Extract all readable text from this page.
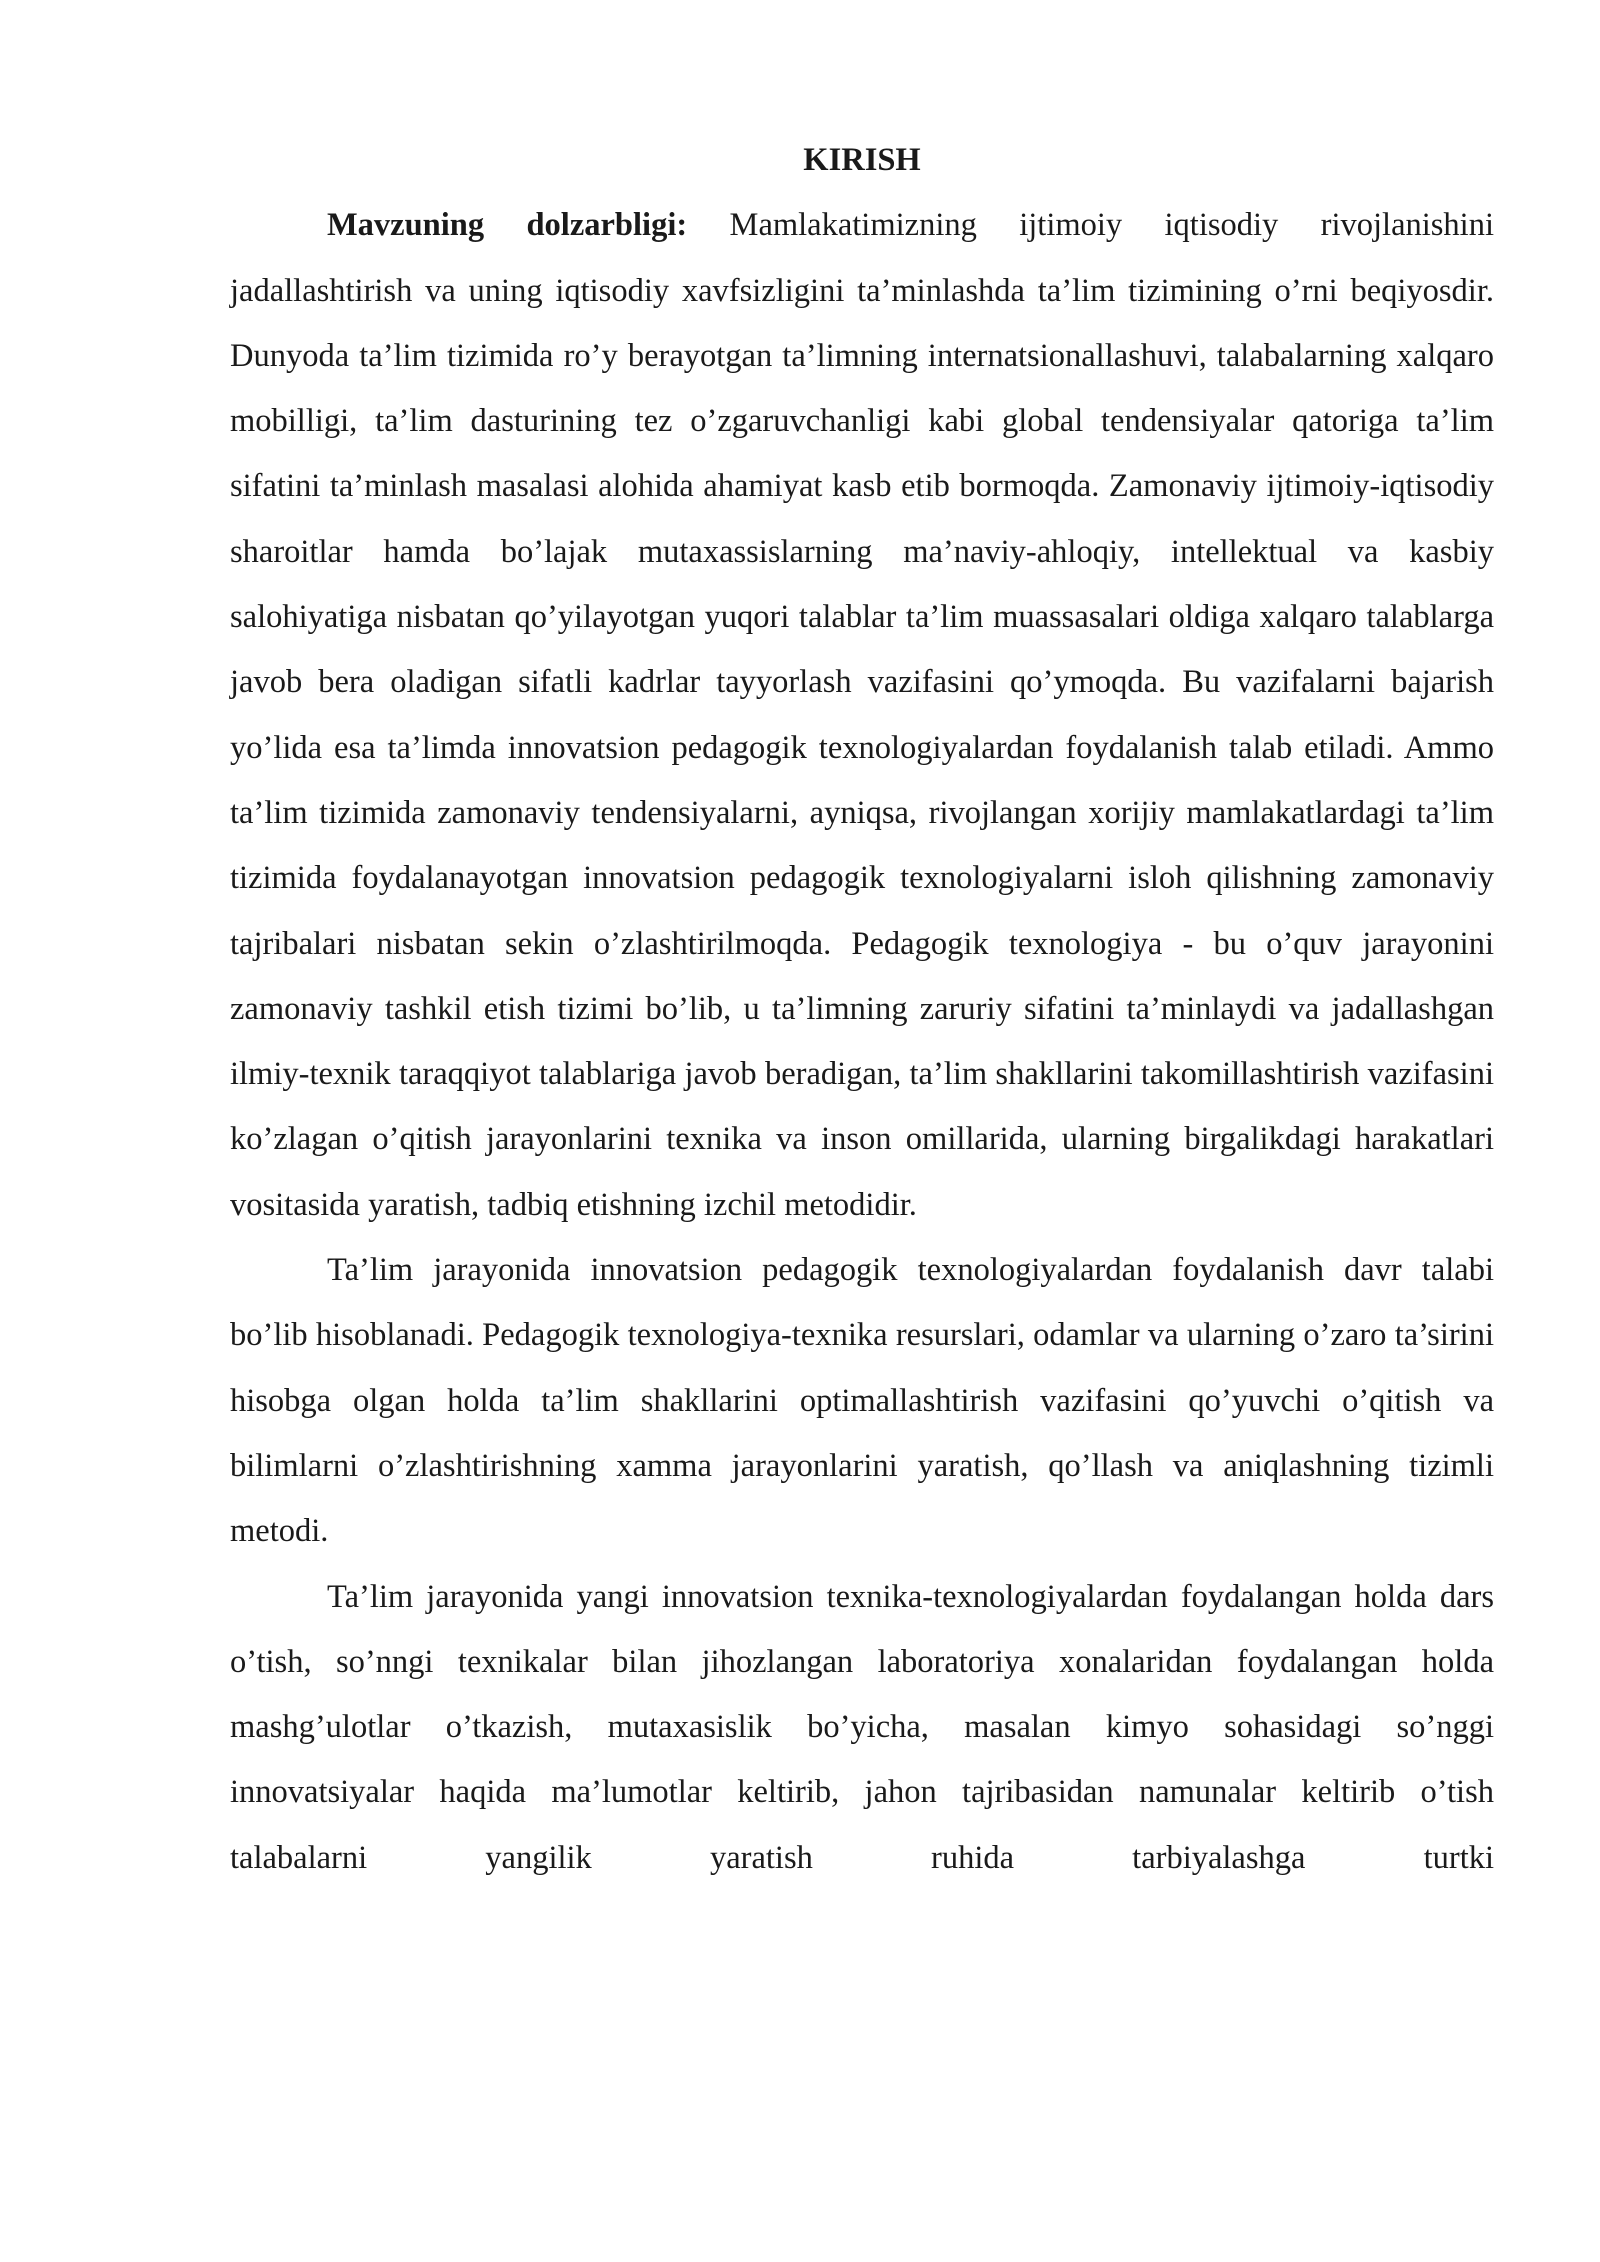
KIRISH

Mavzuning dolzarbligi: Mamlakatimizning ijtimoiy iqtisodiy rivojlanishini jadallashtirish va uning iqtisodiy xavfsizligini ta’minlashda ta’lim tizimining o’rni beqiyosdir. Dunyoda ta’lim tizimida ro’y berayotgan ta’limning internatsionallashuvi, talabalarning xalqaro mobilligi, ta’lim dasturining tez o’zgaruvchanligi kabi global tendensiyalar qatoriga ta’lim sifatini ta’minlash masalasi alohida ahamiyat kasb etib bormoqda. Zamonaviy ijtimoiy-iqtisodiy sharoitlar hamda bo’lajak mutaxassislarning ma’naviy-ahloqiy, intellektual va kasbiy salohiyatiga nisbatan qo’yilayotgan yuqori talablar ta’lim muassasalari oldiga xalqaro talablarga javob bera oladigan sifatli kadrlar tayyorlash vazifasini qo’ymoqda. Bu vazifalarni bajarish yo’lida esa ta’limda innovatsion pedagogik texnologiyalardan foydalanish talab etiladi. Ammo ta’lim tizimida zamonaviy tendensiyalarni, ayniqsa, rivojlangan xorijiy mamlakatlardagi ta’lim tizimida foydalanayotgan innovatsion pedagogik texnologiyalarni isloh qilishning zamonaviy tajribalari nisbatan sekin o’zlashtirilmoqda. Pedagogik texnologiya - bu o’quv jarayonini zamonaviy tashkil etish tizimi bo’lib, u ta’limning zaruriy sifatini ta’minlaydi va jadallashgan ilmiy-texnik taraqqiyot talablariga javob beradigan, ta’lim shakllarini takomillashtirish vazifasini ko’zlagan o’qitish jarayonlarini texnika va inson omillarida, ularning birgalikdagi harakatlari vositasida yaratish, tadbiq etishning izchil metodidir.

Ta’lim jarayonida innovatsion pedagogik texnologiyalardan foydalanish davr talabi bo’lib hisoblanadi. Pedagogik texnologiya-texnika resurslari, odamlar va ularning o’zaro ta’sirini hisobga olgan holda ta’lim shakllarini optimallashtirish vazifasini qo’yuvchi o’qitish va bilimlarni o’zlashtirishning xamma jarayonlarini yaratish, qo’llash va aniqlashning tizimli metodi.

Ta’lim jarayonida yangi innovatsion texnika-texnologiyalardan foydalangan holda dars o’tish, so’nngi texnikalar bilan jihozlangan laboratoriya xonalaridan foydalangan holda mashg’ulotlar o’tkazish, mutaxasislik bo’yicha, masalan kimyo sohasidagi so’nggi innovatsiyalar haqida ma’lumotlar keltirib, jahon tajribasidan namunalar keltirib o’tish talabalarni yangilik yaratish ruhida tarbiyalashga turtki
